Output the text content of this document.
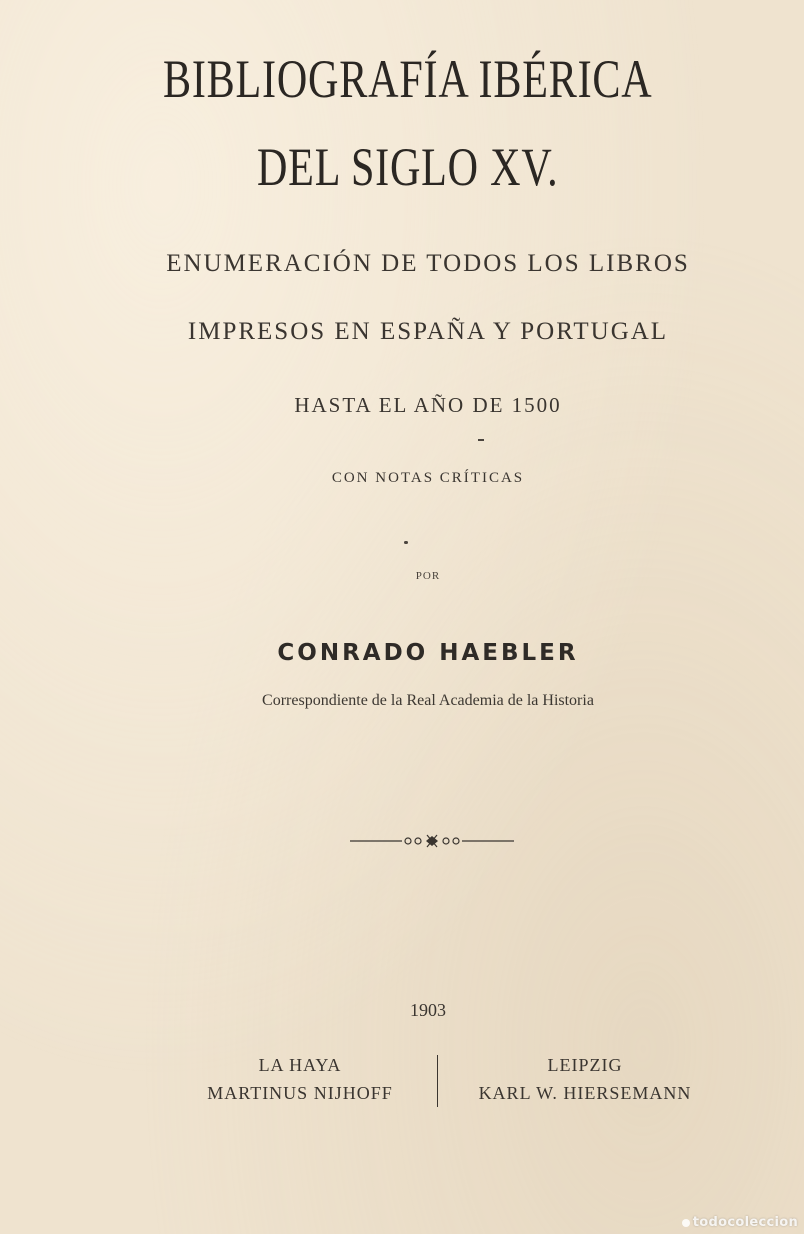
BIBLIOGRAFÍA IBÉRICA
DEL SIGLO XV.
ENUMERACIÓN DE TODOS LOS LIBROS
IMPRESOS EN ESPAÑA Y PORTUGAL
HASTA EL AÑO DE 1500
CON NOTAS CRÍTICAS
POR
CONRADO HAEBLER
Correspondiente de la Real Academia de la Historia
1903
LA HAYA
MARTINUS NIJHOFF
LEIPZIG
KARL W. HIERSEMANN
todocoleccion
